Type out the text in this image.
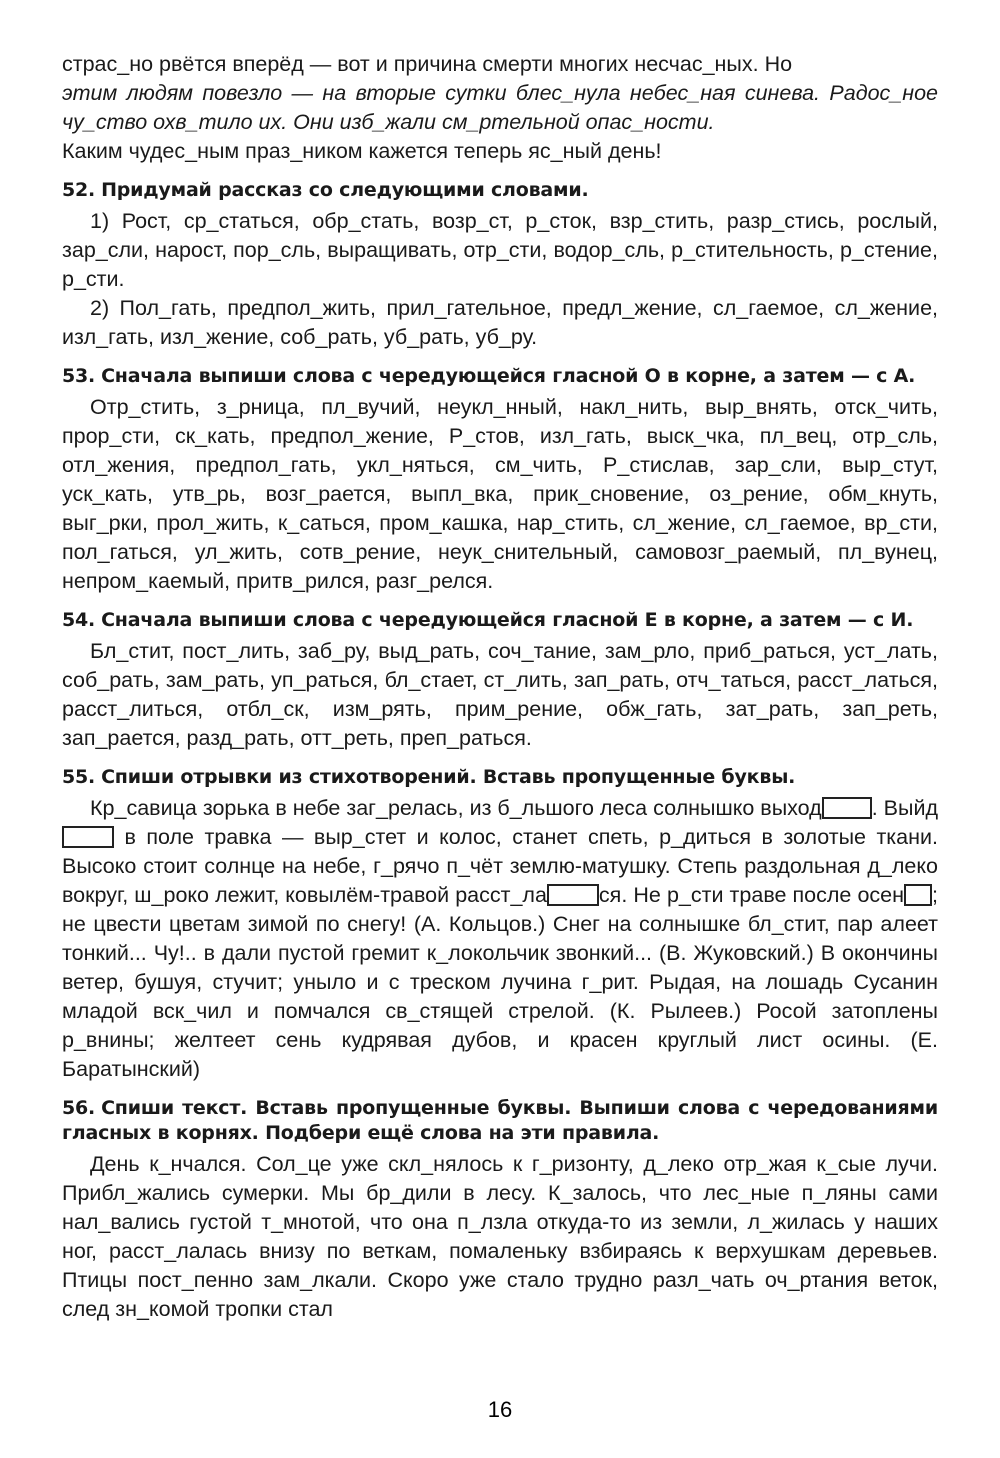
страс_но рвётся вперёд — вот и причина смерти многих несчас_ных. Но

этим людям повезло — на вторые сутки блес_нула небес_ная синева. Радос_ное чу_ство охв_тило их. Они изб_жали см_ртельной опас_ности.

Каким чудес_ным праз_ником кажется теперь яс_ный день!

52. Придумай рассказ со следующими словами.

1) Рост, ср_статься, обр_стать, возр_ст, р_сток, взр_стить, разр_стись, рослый, зар_сли, нарост, пор_сль, выращивать, отр_сти, водор_сль, р_стительность, р_стение, р_сти.

2) Пол_гать, предпол_жить, прил_гательное, предл_жение, сл_гаемое, сл_жение, изл_гать, изл_жение, соб_рать, уб_рать, уб_ру.

53. Сначала выпиши слова с чередующейся гласной О в корне, а затем — с А.

Отр_стить, з_рница, пл_вучий, неукл_нный, накл_нить, выр_внять, отск_чить, прор_сти, ск_кать, предпол_жение, Р_стов, изл_гать, выск_чка, пл_вец, отр_сль, отл_жения, предпол_гать, укл_няться, см_чить, Р_стислав, зар_сли, выр_стут, уск_кать, утв_рь, возг_рается, выпл_вка, прик_сновение, оз_рение, обм_кнуть, выг_рки, прол_жить, к_саться, пром_кашка, нар_стить, сл_жение, сл_гаемое, вр_сти, пол_гаться, ул_жить, сотв_рение, неук_снительный, самовозг_раемый, пл_вунец, непром_каемый, притв_рился, разг_релся.

54. Сначала выпиши слова с чередующейся гласной Е в корне, а затем — с И.

Бл_стит, пост_лить, заб_ру, выд_рать, соч_тание, зам_рло, приб_раться, уст_лать, соб_рать, зам_рать, уп_раться, бл_стает, ст_лить, зап_рать, отч_таться, расст_латься, расст_литься, отбл_ск, изм_рять, прим_рение, обж_гать, зат_рать, зап_реть, зап_рается, разд_рать, отт_реть, преп_раться.

55. Спиши отрывки из стихотворений. Вставь пропущенные буквы.

Кр_савица зорька в небе заг_релась, из б_льшого леса солнышко выход . Выйд в поле травка — выр_стет и колос, станет спеть, р_диться в золотые ткани. Высоко стоит солнце на небе, г_рячо п_чёт землю-матушку. Степь раздольная д_леко вокруг, ш_роко лежит, ковылём-травой расст_ла ся. Не р_сти траве после осен ; не цвести цветам зимой по снегу! (А. Кольцов.) Снег на солнышке бл_стит, пар алеет тонкий... Чу!.. в дали пустой гремит к_локольчик звонкий... (В. Жуковский.) В окончины ветер, бушуя, стучит; уныло и с треском лучина г_рит. Рыдая, на лошадь Сусанин младой вск_чил и помчался св_стящей стрелой. (К. Рылеев.) Росой затоплены р_внины; желтеет сень кудрявая дубов, и красен круглый лист осины. (Е. Баратынский)

56. Спиши текст. Вставь пропущенные буквы. Выпиши слова с чередованиями гласных в корнях. Подбери ещё слова на эти правила.

День к_нчался. Сол_це уже скл_нялось к г_ризонту, д_леко отр_жая к_сые лучи. Прибл_жались сумерки. Мы бр_дили в лесу. К_залось, что лес_ные п_ляны сами нал_вались густой т_мнотой, что она п_лзла откуда-то из земли, л_жилась у наших ног, расст_лалась внизу по веткам, помаленьку взбираясь к верхушкам деревьев. Птицы пост_пенно зам_лкали. Скоро уже стало трудно разл_чать оч_ртания веток, след зн_комой тропки стал

16
